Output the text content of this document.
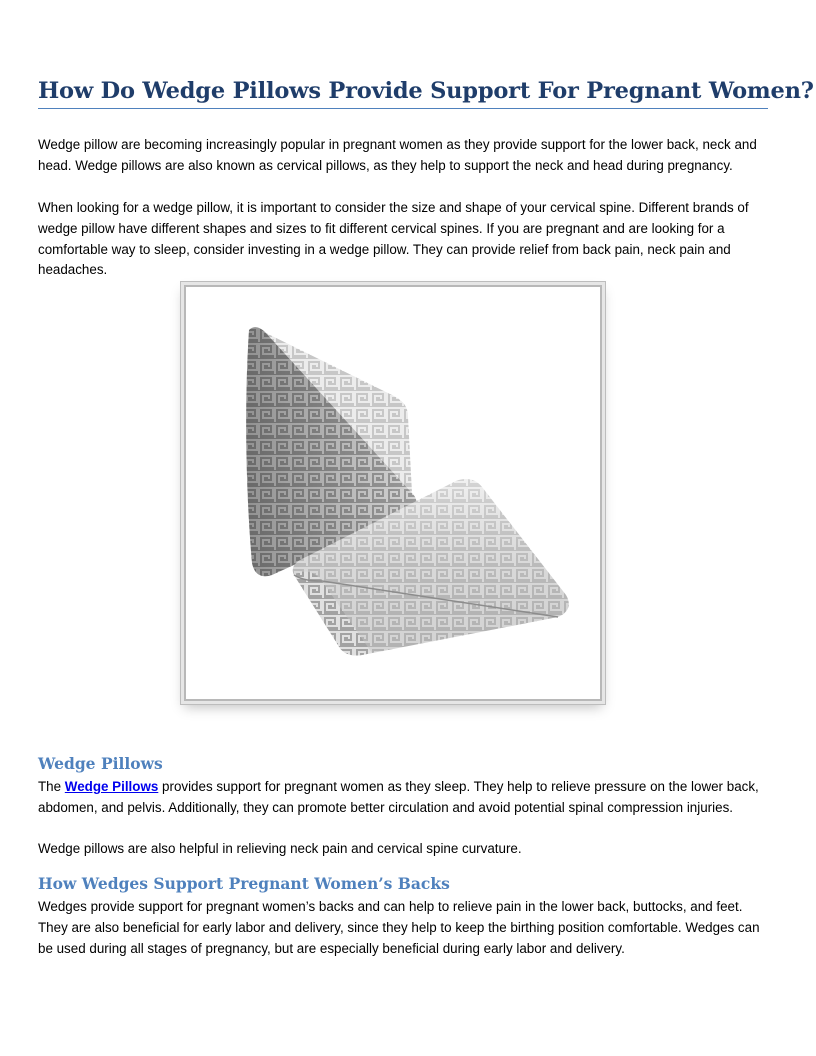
How Do Wedge Pillows Provide Support For Pregnant Women?

Wedge pillow are becoming increasingly popular in pregnant women as they provide support for the lower back, neck and head. Wedge pillows are also known as cervical pillows, as they help to support the neck and head during pregnancy.

When looking for a wedge pillow, it is important to consider the size and shape of your cervical spine. Different brands of wedge pillow have different shapes and sizes to fit different cervical spines. If you are pregnant and are looking for a comfortable way to sleep, consider investing in a wedge pillow. They can provide relief from back pain, neck pain and headaches.

Wedge Pillows

The Wedge Pillows provides support for pregnant women as they sleep. They help to relieve pressure on the lower back, abdomen, and pelvis. Additionally, they can promote better circulation and avoid potential spinal compression injuries.

Wedge pillows are also helpful in relieving neck pain and cervical spine curvature.

How Wedges Support Pregnant Women’s Backs

Wedges provide support for pregnant women’s backs and can help to relieve pain in the lower back, buttocks, and feet. They are also beneficial for early labor and delivery, since they help to keep the birthing position comfortable. Wedges can be used during all stages of pregnancy, but are especially beneficial during early labor and delivery.
